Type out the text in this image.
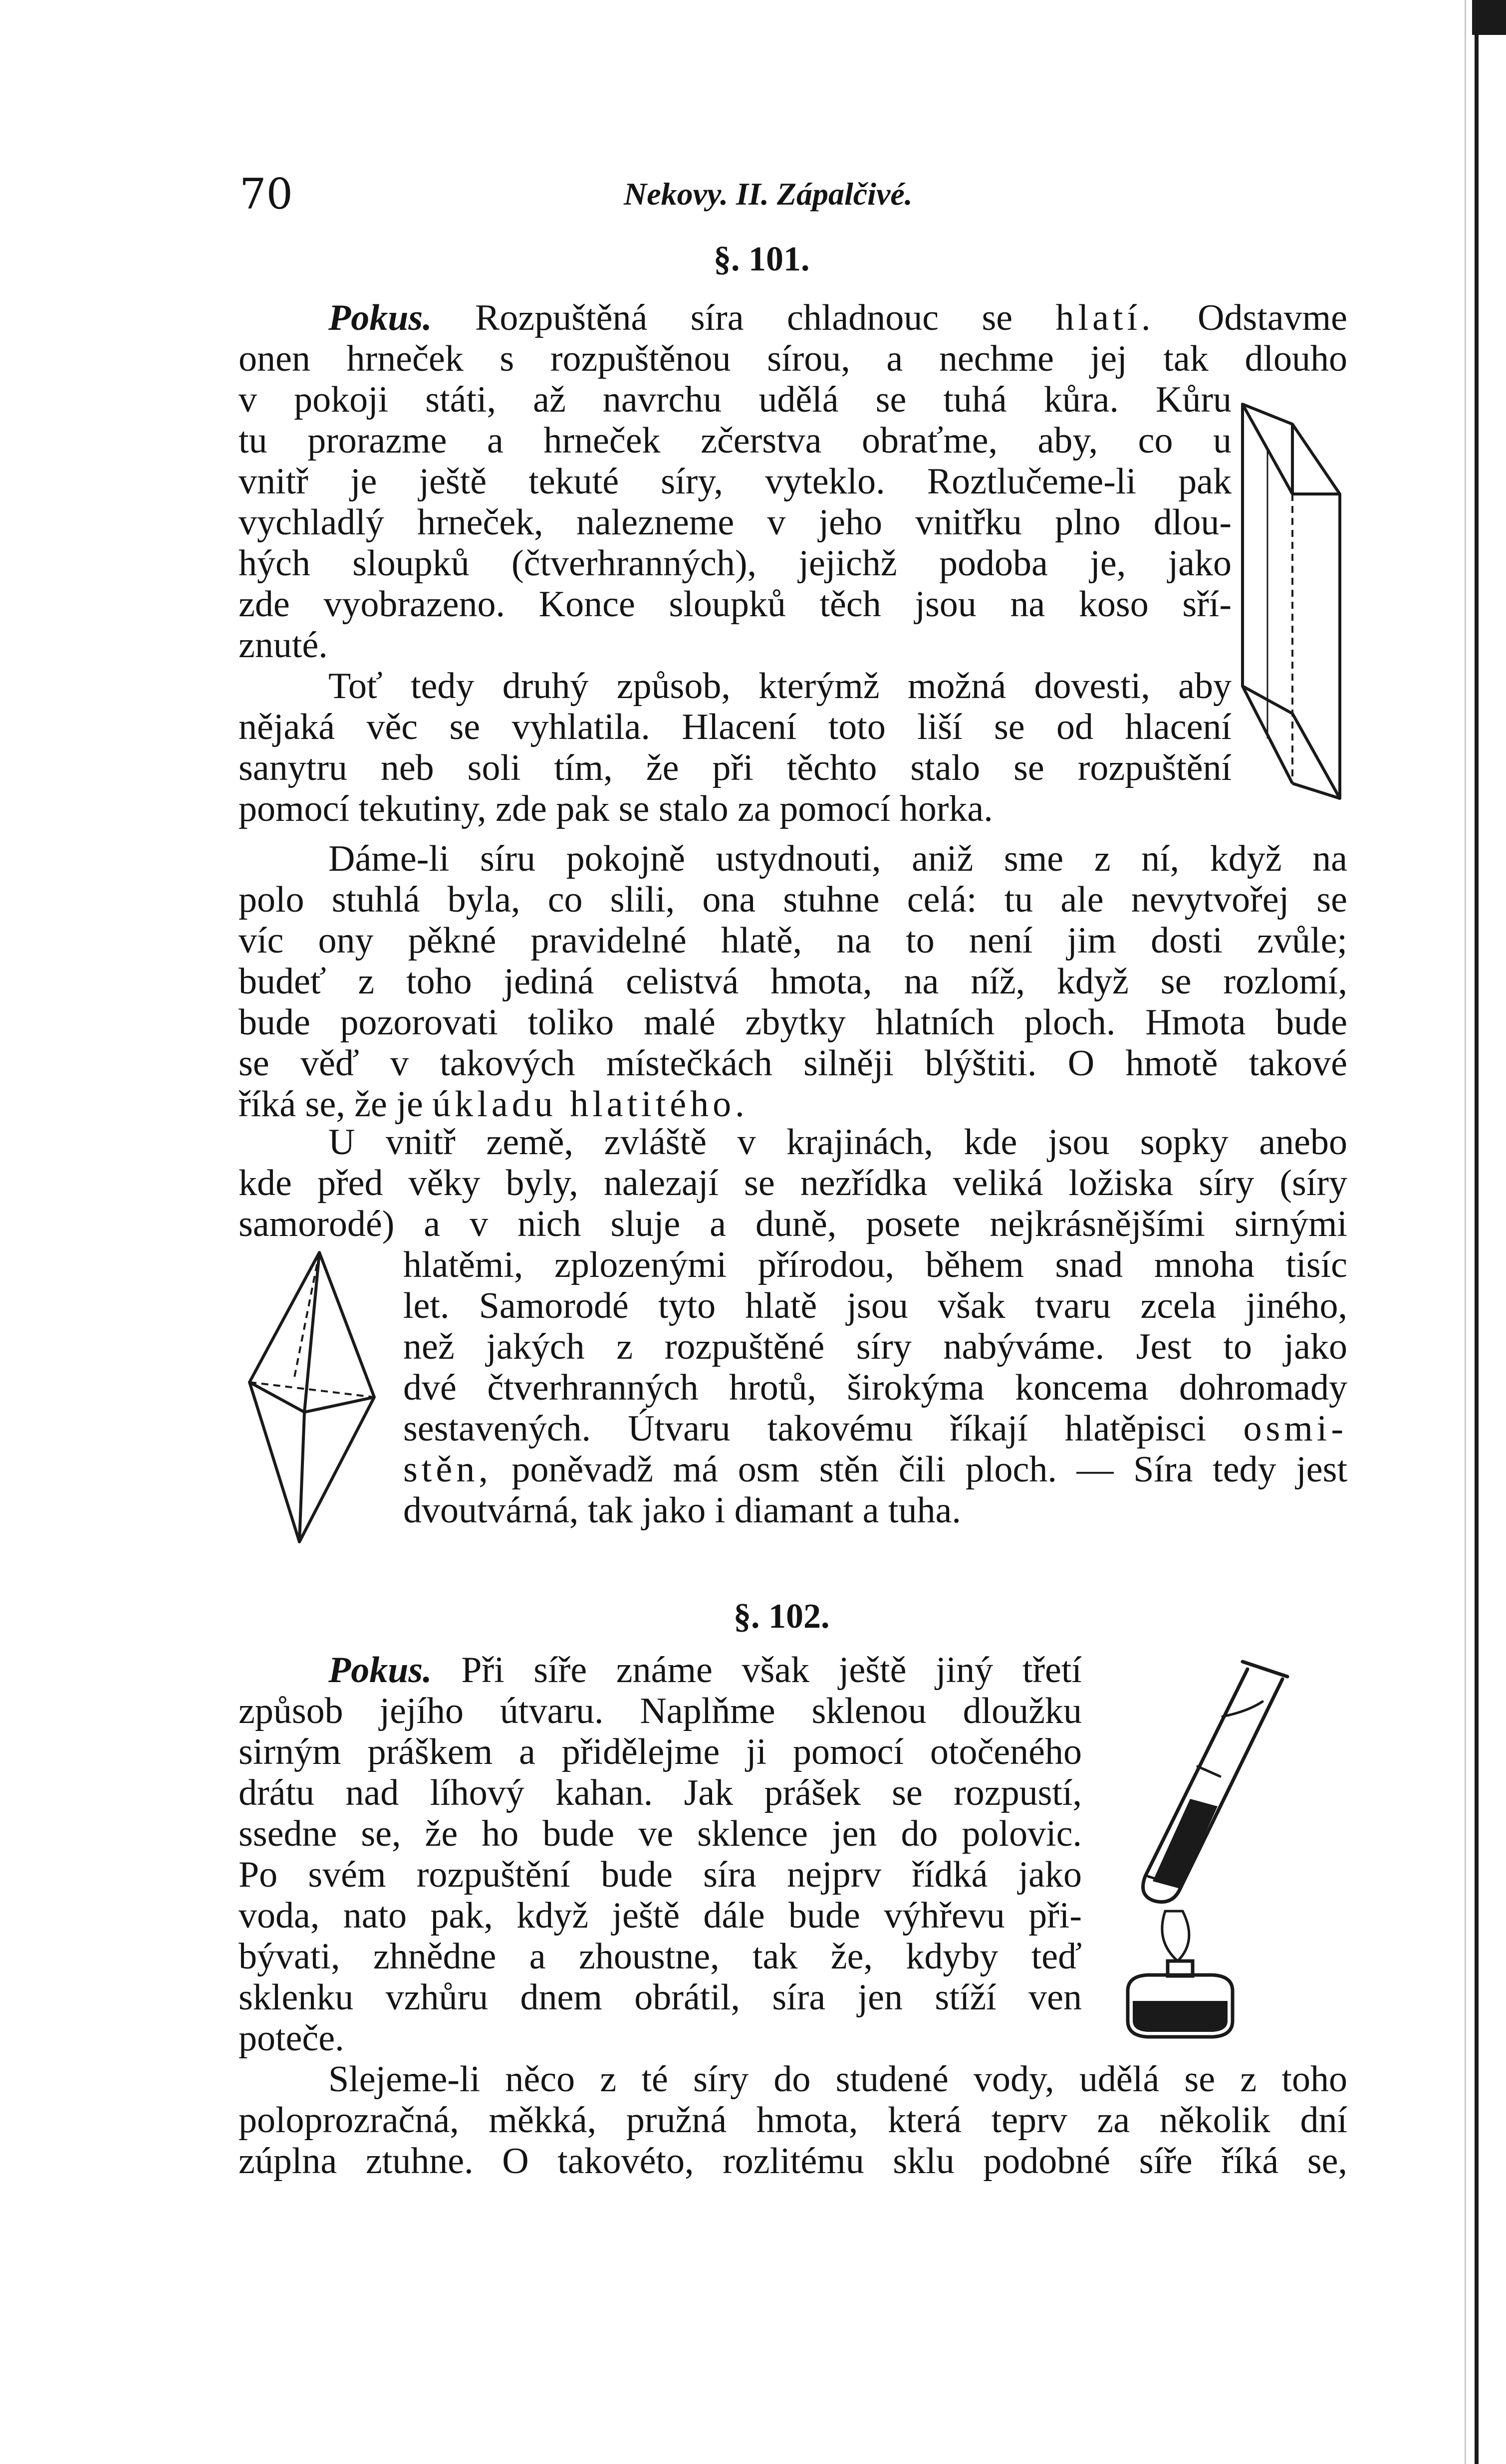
70	Nekovy. II. Zápalčivé.
§. 101.

Pokus. Rozpuštěná síra chladnouc se hlatí. Odstavme

onen hrneček s rozpuštěnou sírou, a nechme jej tak dlouho

v pokoji státi, až navrchu udělá se tuhá kůra. Kůru

tu prorazme a hrneček zčerstva obraťme, aby, co u

vnitř je ještě tekuté síry, vyteklo. Roztlučeme-li pak

vychladlý hrneček, nalezneme v jeho vnitřku plno dlou-

hých sloupků (čtverhranných), jejichž podoba je, jako

zde vyobrazeno. Konce sloupků těch jsou na koso sří-

znuté.

Toť tedy druhý způsob, kterýmž možná dovesti, aby

nějaká věc se vyhlatila. Hlacení toto liší se od hlacení

sanytru neb soli tím, že při těchto stalo se rozpuštění

pomocí tekutiny, zde pak se stalo za pomocí horka.

Dáme-li síru pokojně ustydnouti, aniž sme z ní, když na

polo stuhlá byla, co slili, ona stuhne celá: tu ale nevytvořej se

víc ony pěkné pravidelné hlatě, na to není jim dosti zvůle;

budeť z toho jediná celistvá hmota, na níž, když se rozlomí,

bude pozorovati toliko malé zbytky hlatních ploch. Hmota bude

se věď v takových místečkách silněji blýštiti. O hmotě takové

říká se, že je úkladu hlatitého.

U vnitř země, zvláště v krajinách, kde jsou sopky anebo

kde před věky byly, nalezají se nezřídka veliká ložiska síry (síry

samorodé) a v nich sluje a duně, posete nejkrásnějšími sirnými

hlatěmi, zplozenými přírodou, během snad mnoha tisíc

let. Samorodé tyto hlatě jsou však tvaru zcela jiného,

než jakých z rozpuštěné síry nabýváme. Jest to jako

dvé čtverhranných hrotů, širokýma koncema dohromady

sestavených. Útvaru takovému říkají hlatěpisci osmi-

stěn, poněvadž má osm stěn čili ploch. — Síra tedy jest

dvoutvárná, tak jako i diamant a tuha.

§. 102.

Pokus. Při síře známe však ještě jiný třetí

způsob jejího útvaru. Naplňme sklenou dloužku

sirným práškem a přidělejme ji pomocí otočeného

drátu nad líhový kahan. Jak prášek se rozpustí,

ssedne se, že ho bude ve sklence jen do polovic.

Po svém rozpuštění bude síra nejprv řídká jako

voda, nato pak, když ještě dále bude výhřevu při-

bývati, zhnědne a zhoustne, tak že, kdyby teď

sklenku vzhůru dnem obrátil, síra jen stíží ven

poteče.

Slejeme-li něco z té síry do studené vody, udělá se z toho

poloprozračná, měkká, pružná hmota, která teprv za několik dní

zúplna ztuhne. O takovéto, rozlitému sklu podobné síře říká se,
